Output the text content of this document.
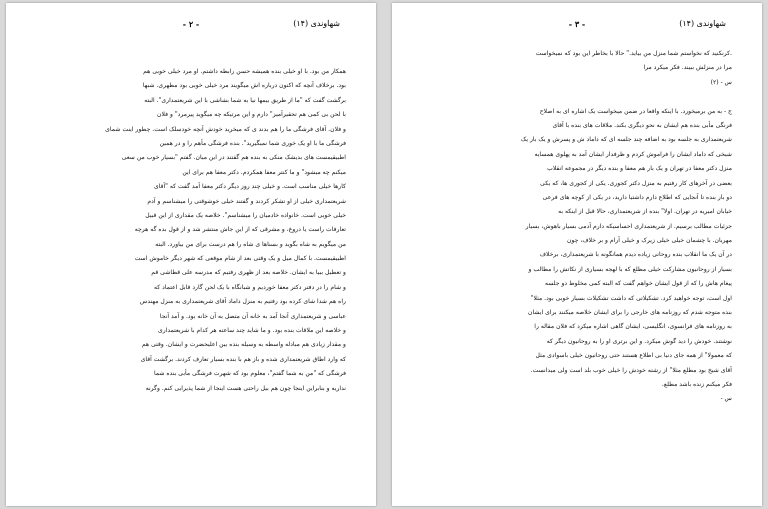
شهاوندی (۱۴)
- ۲ -
همکار من بود. با او خیلی بنده همیشه حسن رابطه داشتم. او مرد خیلی خوبی هم
بود. برخلاف آنچه که اکنون درباره اش میگویند مرد خیلی خوبی بود مطهری. شبها
برگشت گفت که "ما از طریق بیمها نیا به شما بشاشی با این شریعتمداری". البته
با لحن بی کمی هم تحقیرآمیز" دارم و این مرتیکه چه میگوید پیرمرد" و فلان
و فلان. آقای فرشگی ما را هم بدند ی که میخرید خودش آنچه خودسلک است. چطور اینت شمای
فرشگی ما با او یک خوری شما نمیگیرید". بنده فرشگی مأهم را و در همین
اطبیقیمست های بدیشک منکی به بنده هم گفتند در این میان. گفتم "بسیار خوب من سعی
میکنم چه میشود" و ما کنتر معفا همکردم. دکتر معفا هم برای این
کارها خیلی مناسب است. و خیلی چند روز دیگر دکتر معفا آمد گفت که "آقای
شریعتمداری خیلی از او تشکر کردند و گفتند خیلی خوشوقتی را میشناسم و آدم
خیلی خوبی است. خانواده خادمیان را میشناسم". خلاصه یک مقداری از این قبیل
تعارفات راست یا دروغ، و مشرقی که از این جاش منتشر شد و از قول بده گه هرچه
من میگویم به شاه بگوید و بسناها ی شاه را هم درست برای من بیاورد. البته
اطبیقیمست. با کمال میل و یک وقتی بعد از شام موقعی که شهر دیگر خاموش است
و تعطیل ببیا به ایشان. خلاصه بعد از ظهری رفتیم که مدرسه علی قطاشی قم
و شام را در دفتر دکتر معفا خوردیم و شبانگاه با یک لحن گارد قابل اعتماد که
راه هم شدا شای کرده بود رفتیم به منزل داماد آقای شریعتمداری به منزل مهندس
عباسی و شریعتمداری آنجا آمد به خانه آن متصل به آن خانه بود. و آمد آنجا
و خلاصه این ملاقات بنده بود. و ما شاید چند ساعته هر کدام با شریعتمداری
و مقدار زیادی هم مبادله واسطه به وسیله بنده بین اعلیحضرت و ایشان. وقتی هم
که وارد اطاق شریعتمداری شده و باز هم با بنده بسیار تعارف کردند. برگشت آقای
فرشگی که "من به شما گفتم"، معلوم بود که شهرت فرشگی مأبی بنده شما
نداریه و بنابراین اینجا چون هم بیل راحتی هست اینجا از شما پذیرایی کنم. وگرنه
شهاوندی (۱۴)
- ۳ -
.کرنکنید که نخواستم شما منزل من بیاید." حالا با بخاطر این بود که نمیخواست
مرا در منزلش ببیند. فکر میکرد مرا
س - (۲)
ج - به من برمیخورد. با اینکه واقعا در ضمن میخواست یک اشاره ای به اصلاح
فرنگی مأبی بنده هم ایشان به نحو دیگری بکند. ملاقات های بنده با آقای
شریعتمداری به جلسه بود به اضافه چند جلسه ای که داماد ش و پسرش و یک بار یک
شیخی که داماد ایشان را فراموش کردم و ظرفدار ایشان آمد به پهلوی همسایه
منزل دکتر معفا در تهران و یک بار هم معفا و بنده دیگر در مجموعه انقلاب
بعضی در آخرهای کار رفتیم به منزل دکتر کجوری. یکی از کجوری ها، که یکی
دو بار بنده تا آنجایی که اطلاع دارم داشتیا دارید، در یکی از کوچه های فرعی
خیابان امیریه در تهران. اولا" بنده از شریعتمداری، حالا قبل از اینکه به
جزئیات مطالب برسیم. از شریعتمداری احساسیکه دارم آدمی بسیار باهوش، بسیار
مهربان. با چشمان خیلی خیلی زیرک و خیلی آرام و بر خلاف، چون
در آن یک ما انقلاب بنده روحانی زیاده دیدم همانگونه با شریعتمداری، برخلاف
بسیار از روحانیون مشارکت خیلی مطلع که با لهجه بسیاری از نکاتش را مطالب و
پیغام هاش را که از قول ایشان خواهم گفت که البته کمی مخلوط دو جلسه
اول است، توجه خواهید کرد. تشکیلاتی که داشت تشکیلات بسیار خوبی بود. مثلا"
بنده متوجه شدم که روزنامه های خارجی را برای ایشان خلاصه میکنند برای ایشان
به روزنامه های فرانسوی، انگلیسی، ایشان گاهی اشاره میکرد که فلان مقاله را
نوشتند. خودش را دید گوش میکرد. و این برتری او را به روحانیون دیگر که
که معمولا" از همه جای دنیا بی اطلاع هستند حتی روحانیون خیلی باسوادی مثل
آقای شیخ بود مطلع مثلا" از رشته خودش را خیلی خوب بلد است ولی میدانست.
فکر میکنم زنده باشد مطلع.
س -
